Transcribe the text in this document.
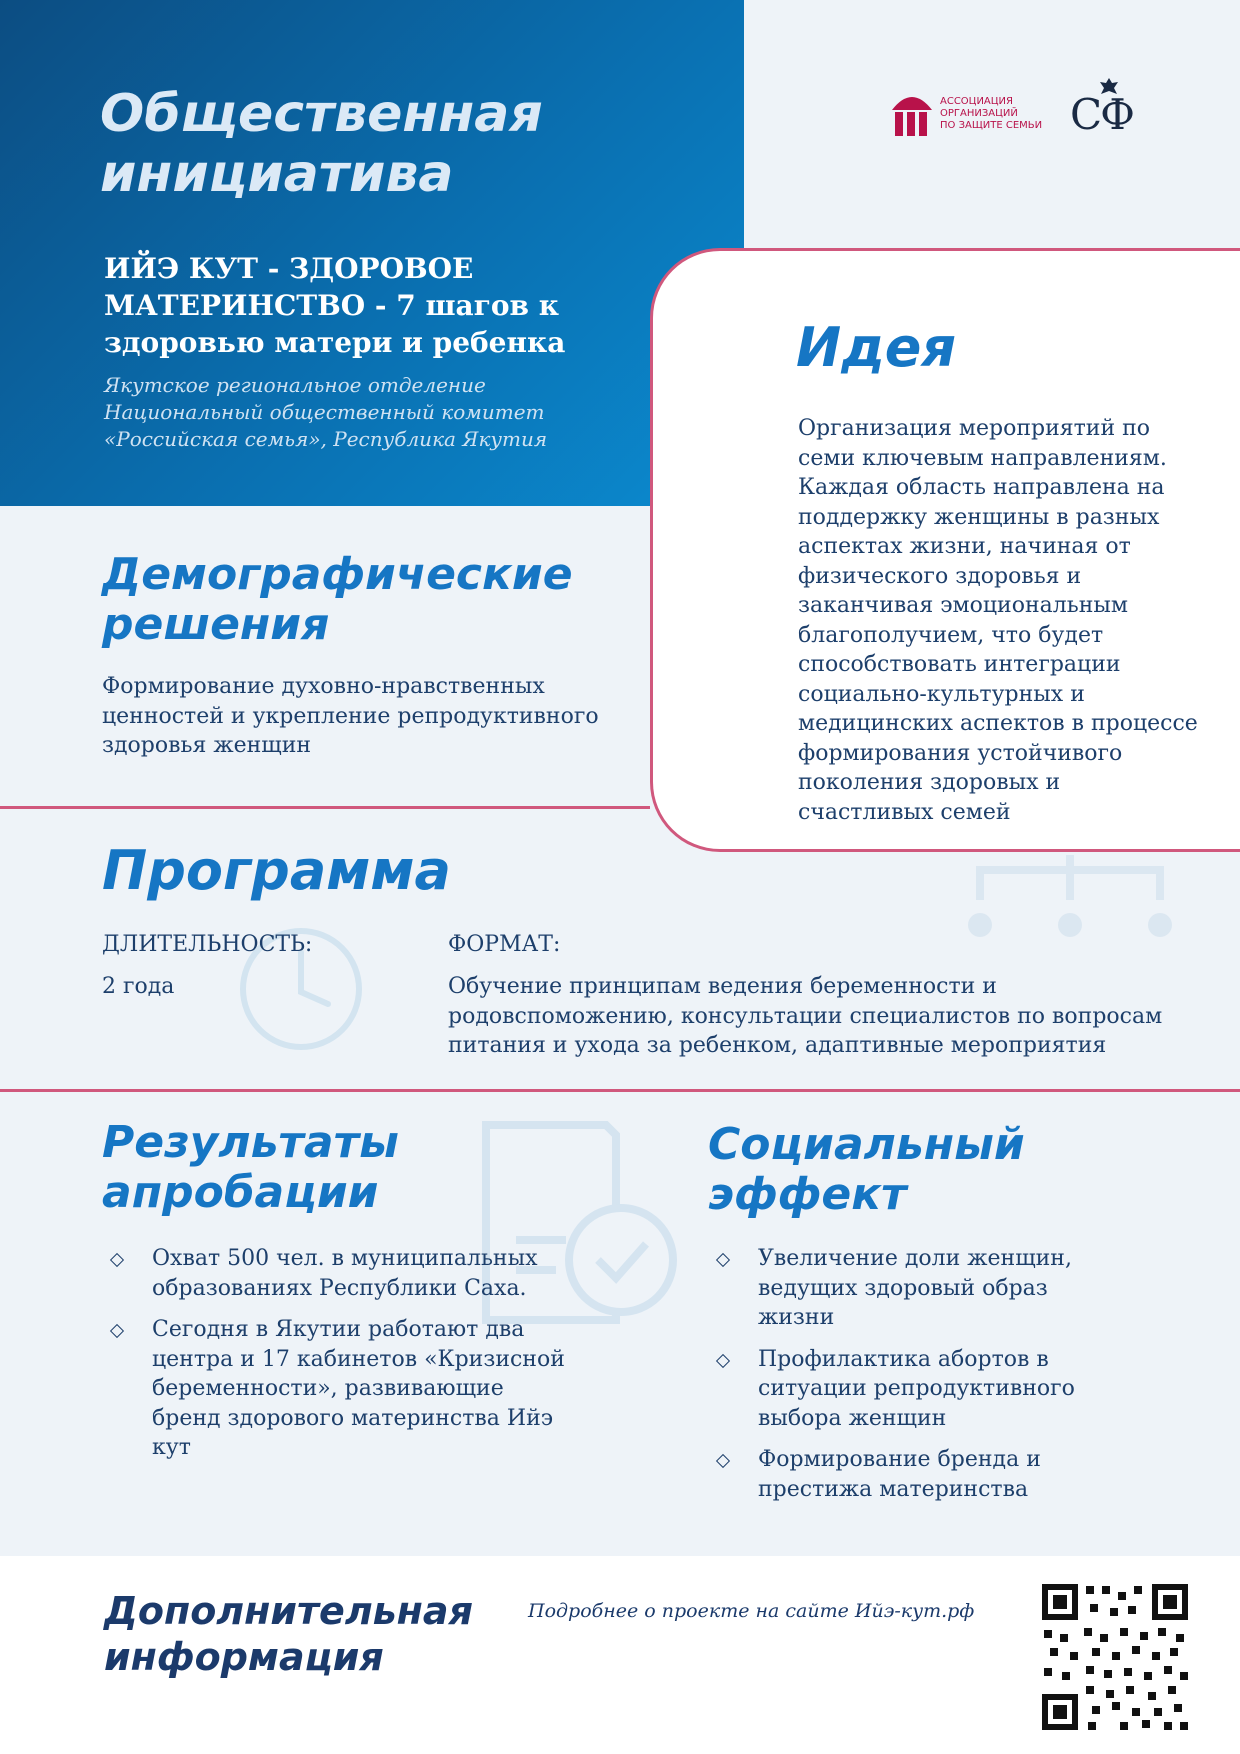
Общественная
инициатива
ИЙЭ КУТ - ЗДОРОВОЕ
МАТЕРИНСТВО - 7 шагов к
здоровью матери и ребенка
Якутское региональное отделение
Национальный общественный комитет
«Российская семья», Республика Якутия
АССОЦИАЦИЯ
ОРГАНИЗАЦИЙ
ПО ЗАЩИТЕ СЕМЬИ СФ
Идея

Организация мероприятий по семи ключевым направлениям. Каждая область направлена на поддержку женщины в разных аспектах жизни, начиная от физического здоровья и заканчивая эмоциональным благополучием, что будет способствовать интеграции социально-культурных и медицинских аспектов в процессе формирования устойчивого поколения здоровых и счастливых семей

Демографические
решения

Формирование духовно-нравственных ценностей и укрепление репродуктивного здоровья женщин

Программа
ДЛИТЕЛЬНОСТЬ:
2 года
ФОРМАТ:

Обучение принципам ведения беременности и родовспоможению, консультации специалистов по вопросам питания и ухода за ребенком, адаптивные мероприятия

Результаты
апробации
Охват 500 чел. в муниципальных образованиях Республики Саха.
Сегодня в Якутии работают два центра и 17 кабинетов «Кризисной беременности», развивающие бренд здорового материнства Ийэ кут
Социальный
эффект
Увеличение доли женщин, ведущих здоровый образ жизни
Профилактика абортов в ситуации репродуктивного выбора женщин
Формирование бренда и престижа материнства
Дополнительная
информация
Подробнее о проекте на сайте Ийэ-кут.рф
